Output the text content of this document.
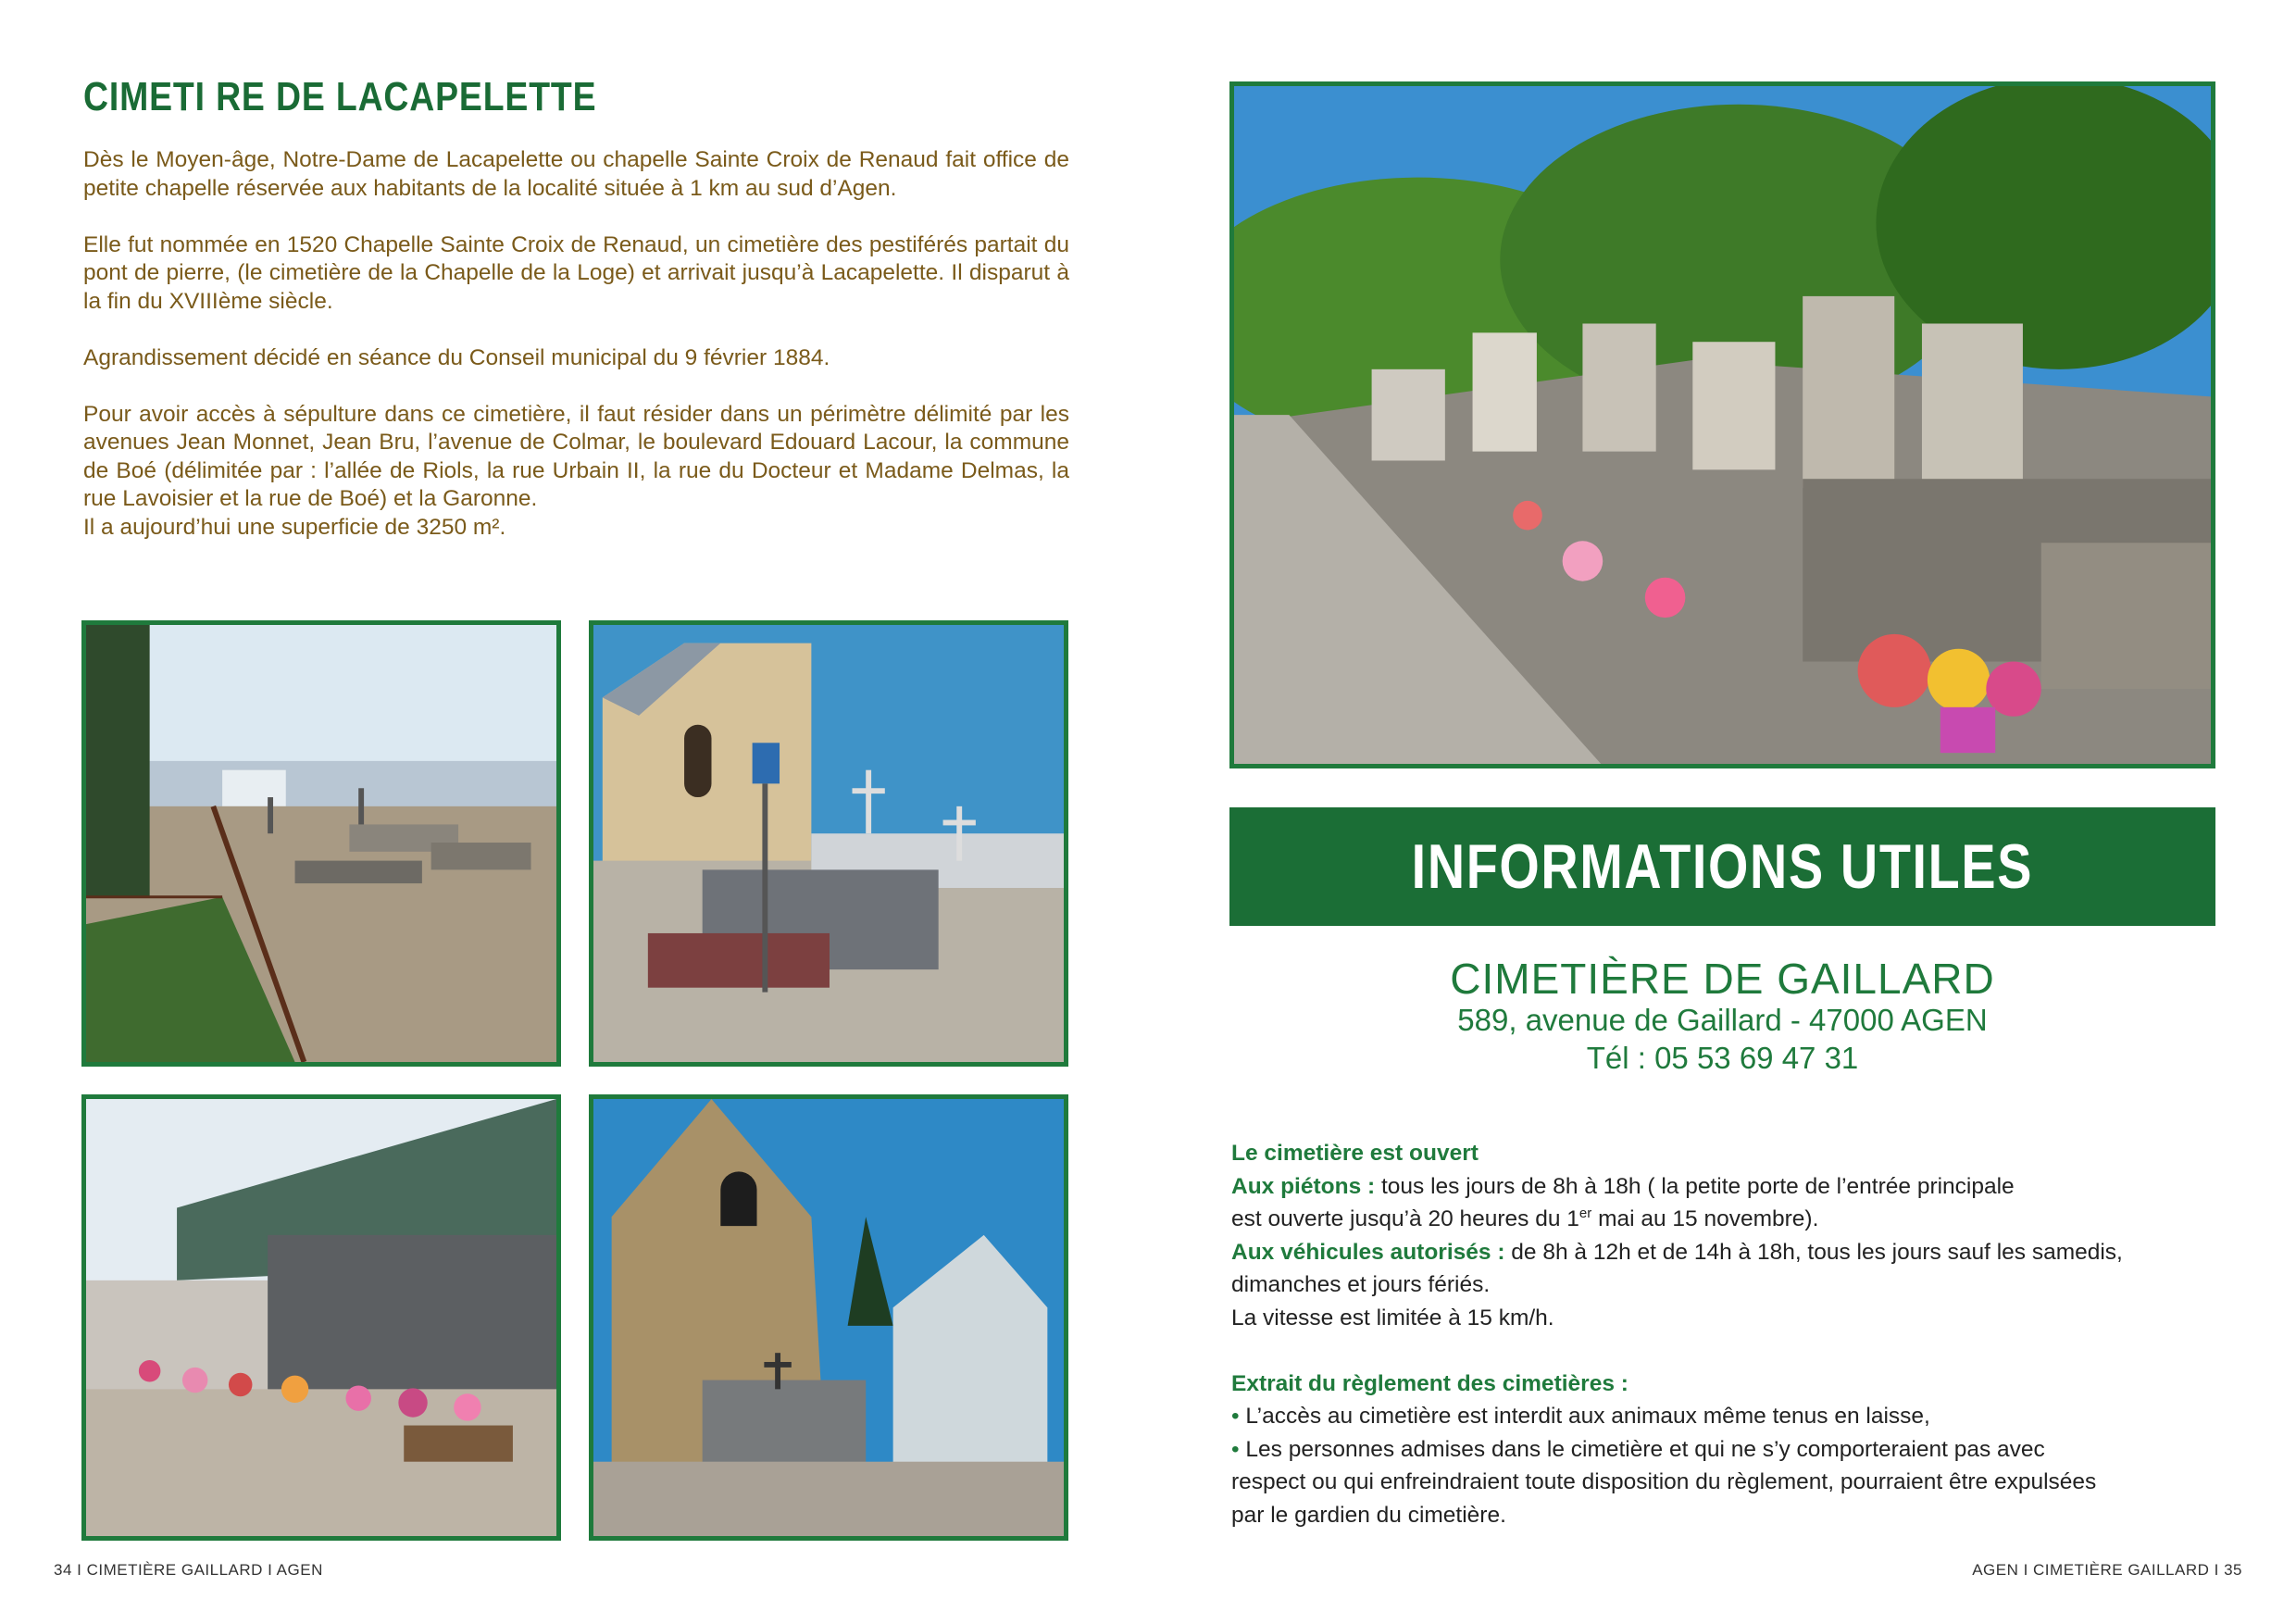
CIMETI RE DE LACAPELETTE

Dès le Moyen-âge, Notre-Dame de Lacapelette ou chapelle Sainte Croix de Renaud fait office de petite chapelle réservée aux habitants de la localité située à 1 km au sud d’Agen.

Elle fut nommée en 1520 Chapelle Sainte Croix de Renaud, un cimetière des pestiférés partait du pont de pierre, (le cimetière de la Chapelle de la Loge) et arrivait jusqu’à Lacapelette. Il disparut à la fin du XVIIIème siècle.

Agrandissement décidé en séance du Conseil municipal du 9 février 1884.

Pour avoir accès à sépulture dans ce cimetière, il faut résider dans un périmètre délimité par les avenues Jean Monnet, Jean Bru, l’avenue de Colmar, le boulevard Edouard Lacour, la commune de Boé (délimitée par : l’allée de Riols, la rue Urbain II, la rue du Docteur et Madame Delmas, la rue Lavoisier et la rue de Boé) et la Garonne.

Il a aujourd’hui une superficie de 3250 m².

34 I CIMETIÈRE GAILLARD I AGEN
INFORMATIONS UTILES
CIMETIÈRE DE GAILLARD
589, avenue de Gaillard - 47000 AGEN
Tél : 05 53 69 47 31
Le cimetière est ouvert
Aux piétons : tous les jours de 8h à 18h ( la petite porte de l’entrée principale
est ouverte jusqu’à 20 heures du 1er mai au 15 novembre).
Aux véhicules autorisés : de 8h à 12h et de 14h à 18h, tous les jours sauf les samedis,
dimanches et jours fériés.
La vitesse est limitée à 15 km/h.
Extrait du règlement des cimetières :
• L’accès au cimetière est interdit aux animaux même tenus en laisse,
• Les personnes admises dans le cimetière et qui ne s’y comporteraient pas avec
respect ou qui enfreindraient toute disposition du règlement, pourraient être expulsées
par le gardien du cimetière.
AGEN I CIMETIÈRE GAILLARD I 35
